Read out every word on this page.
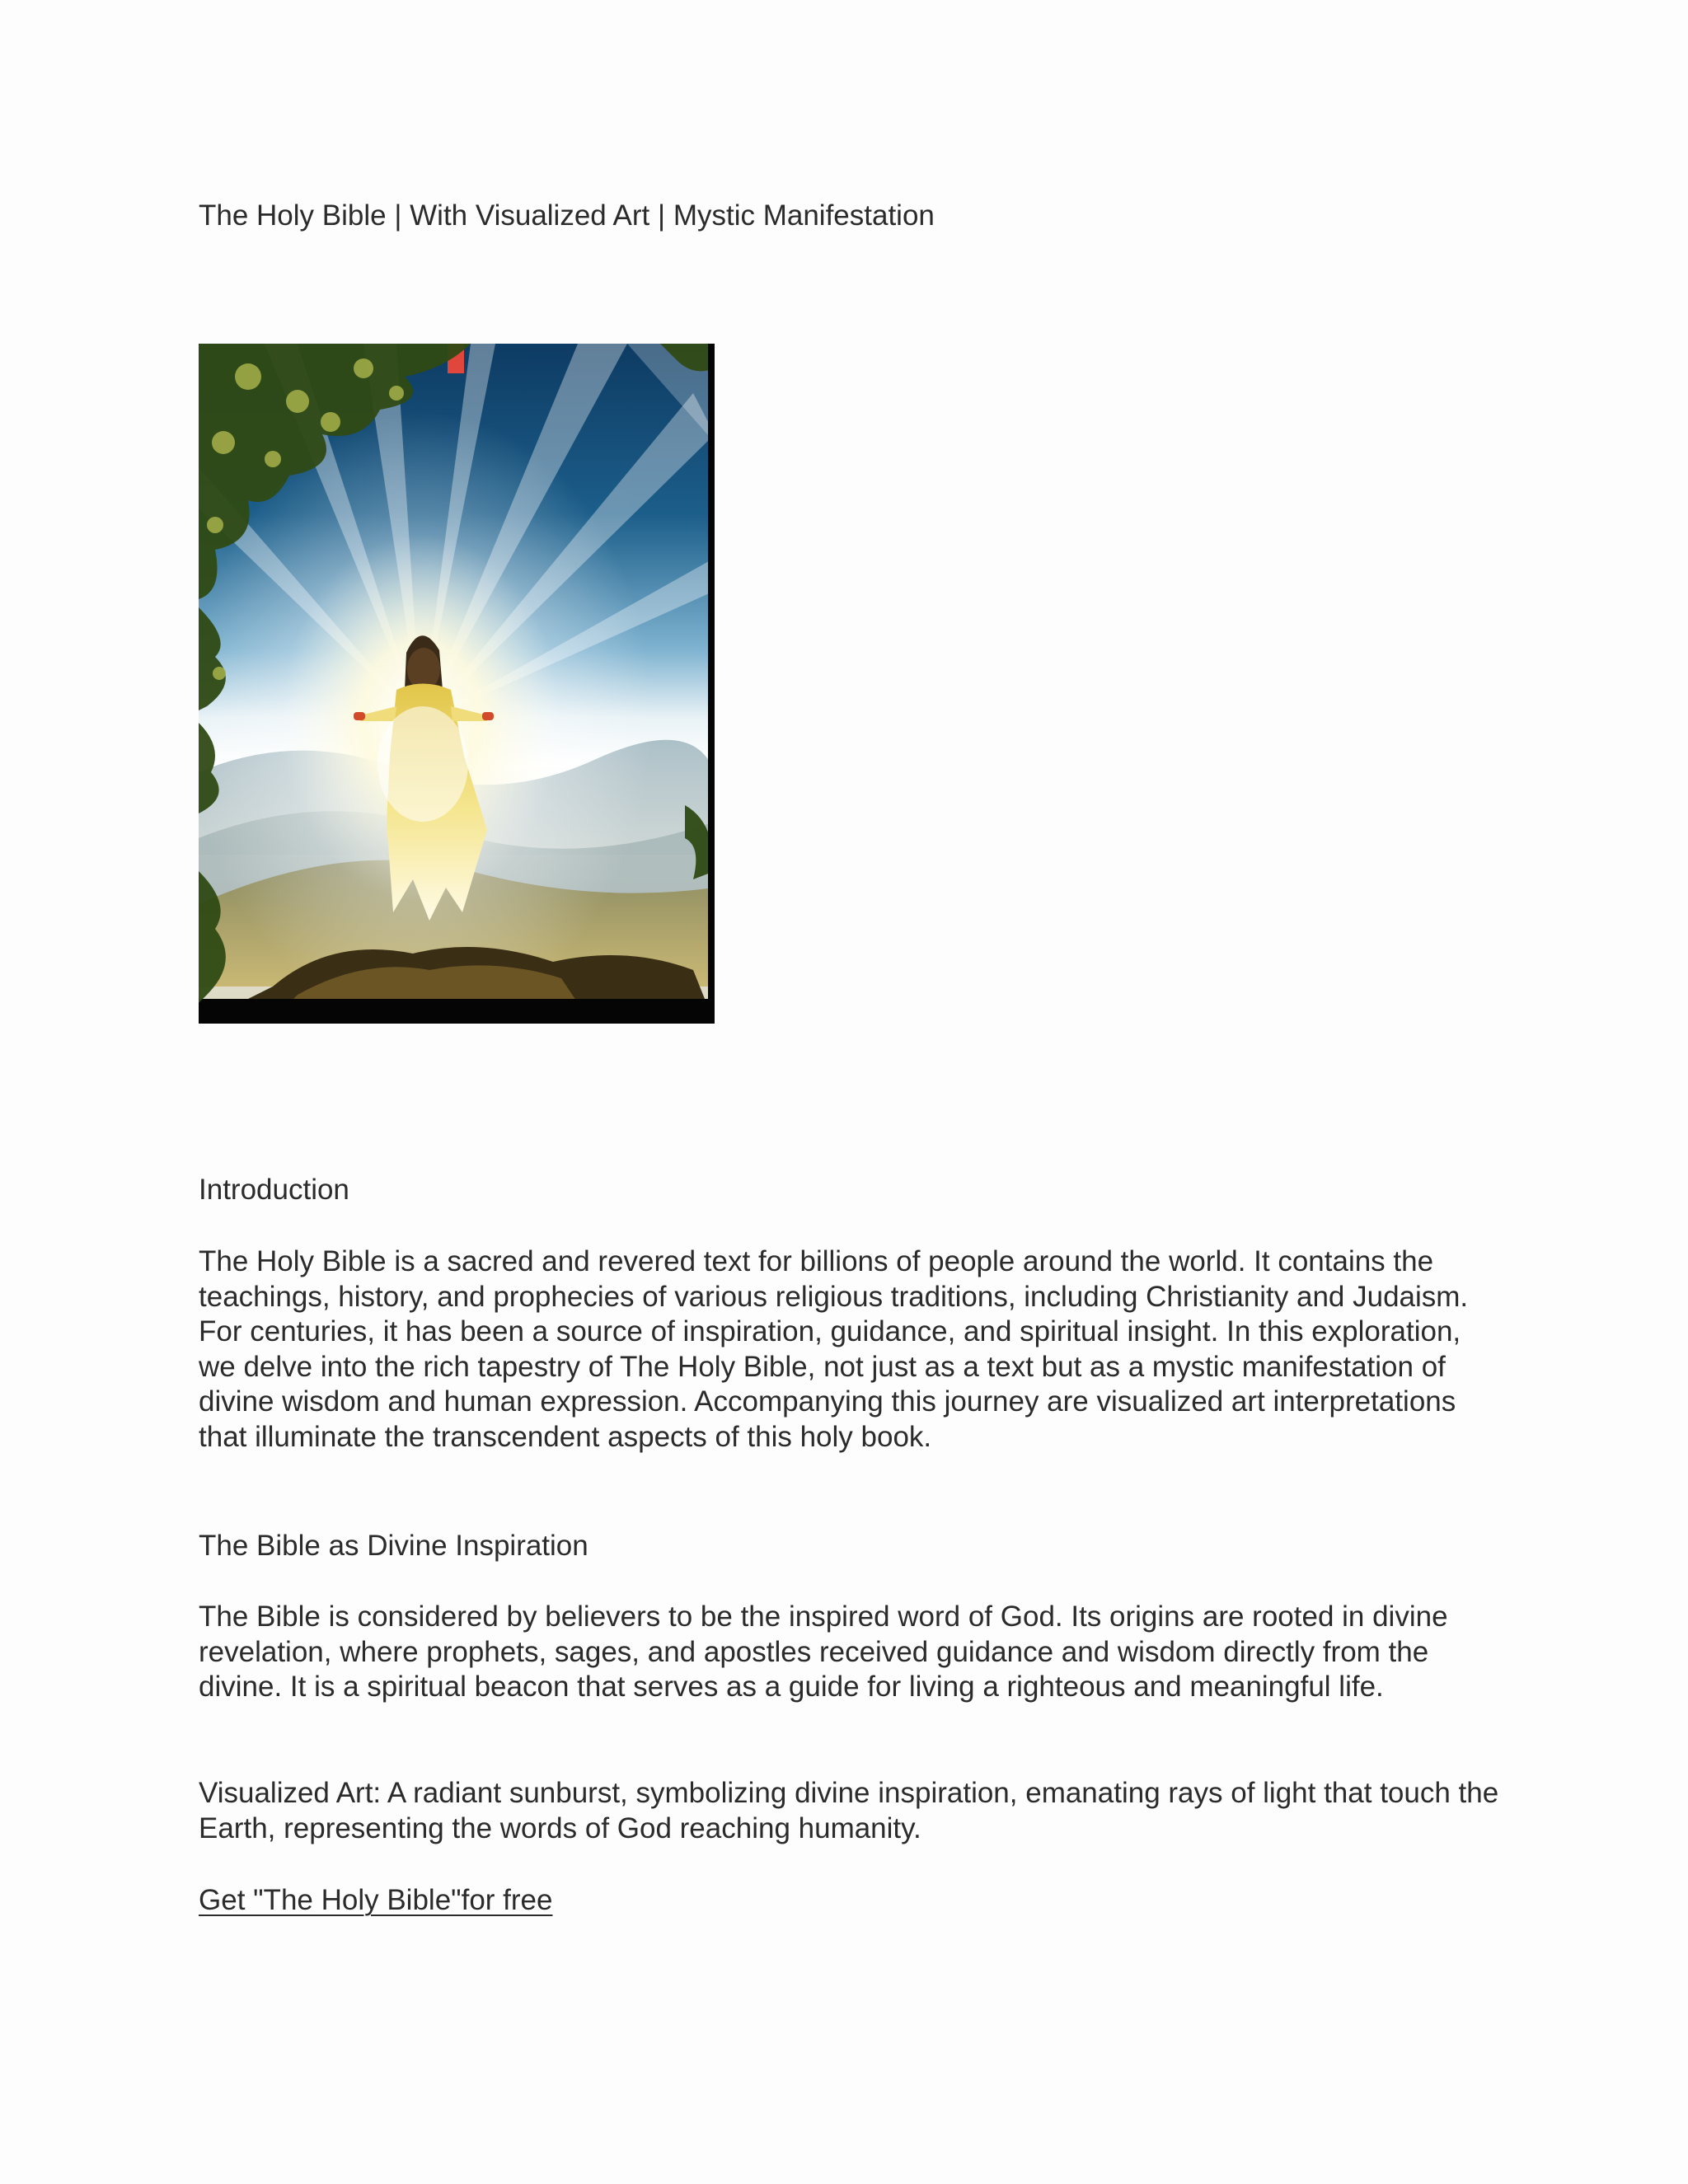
The Holy Bible | With Visualized Art | Mystic Manifestation
Introduction

The Holy Bible is a sacred and revered text for billions of people around the world. It contains the teachings, history, and prophecies of various religious traditions, including Christianity and Judaism. For centuries, it has been a source of inspiration, guidance, and spiritual insight. In this exploration, we delve into the rich tapestry of The Holy Bible, not just as a text but as a mystic manifestation of divine wisdom and human expression. Accompanying this journey are visualized art interpretations that illuminate the transcendent aspects of this holy book.

The Bible as Divine Inspiration

The Bible is considered by believers to be the inspired word of God. Its origins are rooted in divine revelation, where prophets, sages, and apostles received guidance and wisdom directly from the divine. It is a spiritual beacon that serves as a guide for living a righteous and meaningful life.

Visualized Art: A radiant sunburst, symbolizing divine inspiration, emanating rays of light that touch the Earth, representing the words of God reaching humanity.

Get "The Holy Bible"for free
